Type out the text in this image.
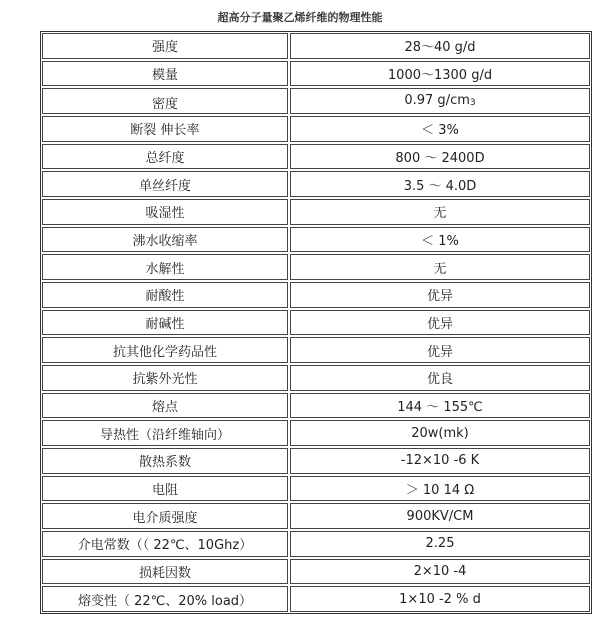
超高分子量聚乙烯纤维的物理性能
强度	28～40 g/d
模量	1000～1300 g/d
密度	0.97 g/cm 3
断裂 伸长率	＜ 3%
总纤度	800 ～ 2400D
单丝纤度	3.5 ～ 4.0D
吸湿性	无
沸水收缩率	＜ 1%
水解性	无
耐酸性	优异
耐碱性	优异
抗其他化学药品性	优异
抗紫外光性	优良
熔点	144 ～ 155℃
导热性（沿纤维轴向）	20w(mk)
散热系数	-12×10 -6 K
电阻	＞ 10 14 Ω
电介质强度	900KV/CM
介电常数（（ 22℃、10Ghz）	2.25
损耗因数	2×10 -4
熔变性（ 22℃、20% load）	1×10 -2 % d
